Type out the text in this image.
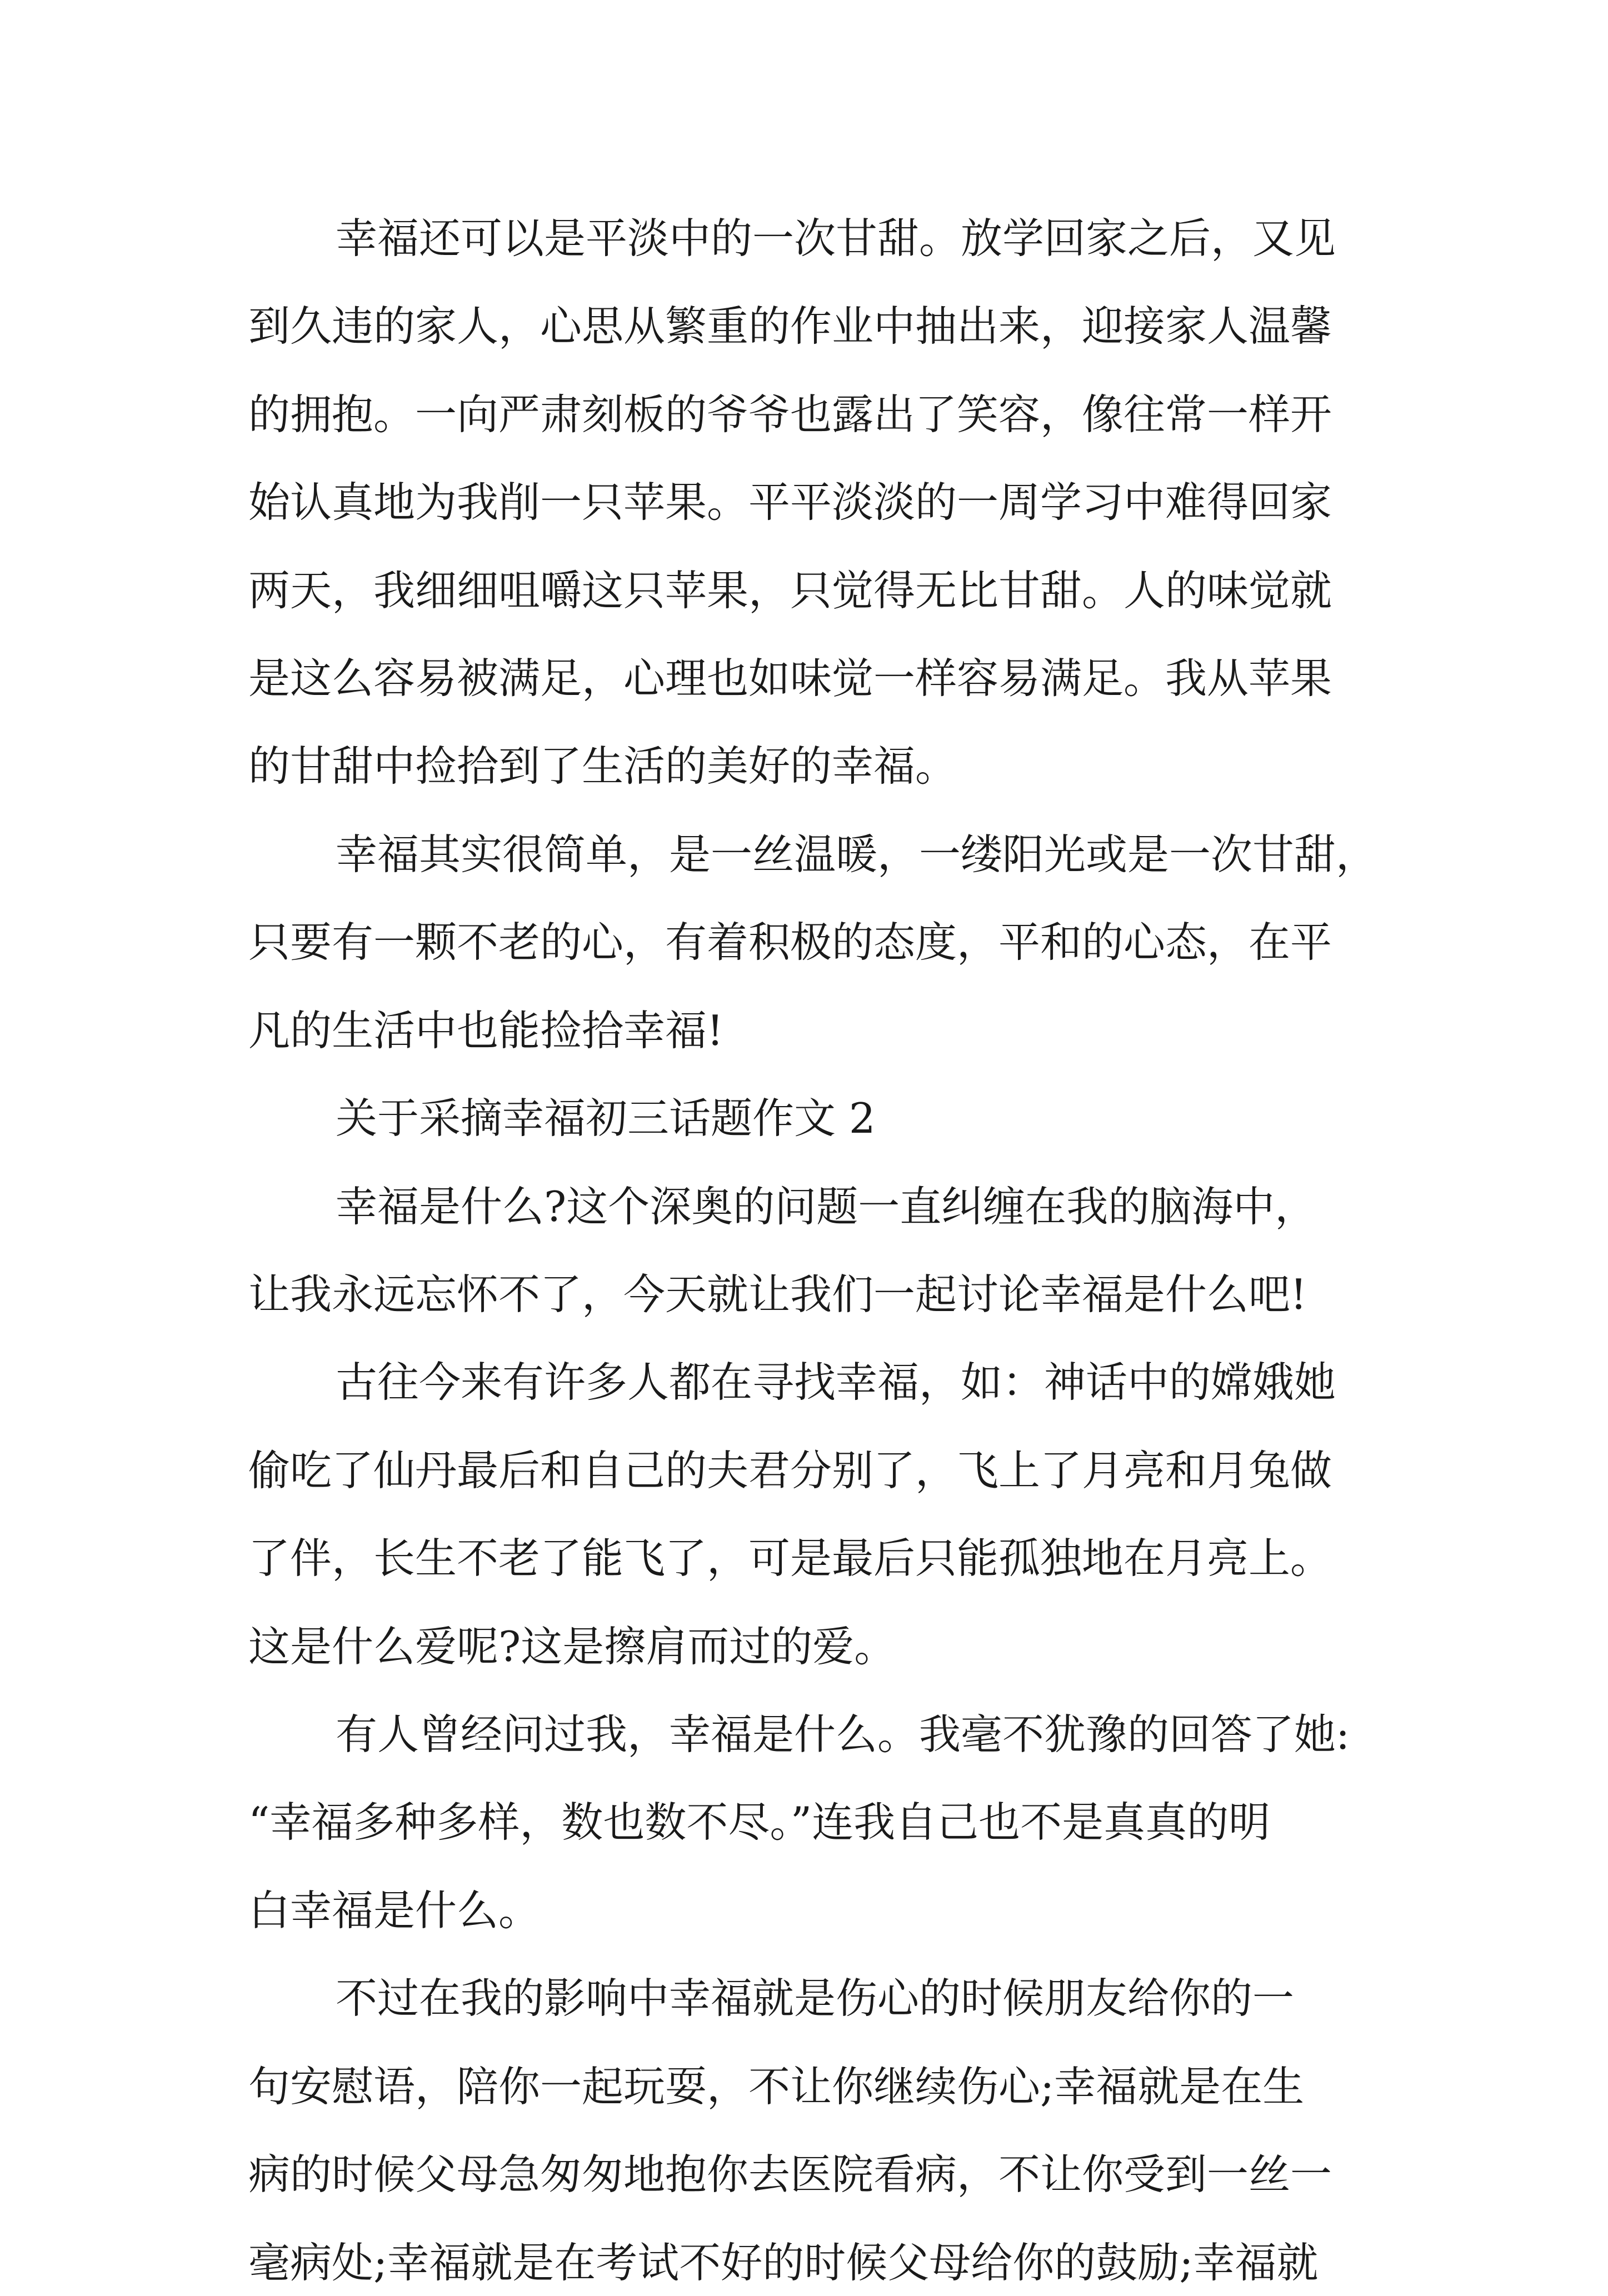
幸福还可以是平淡中的一次甘甜。放学回家之后，又见
到久违的家人，心思从繁重的作业中抽出来，迎接家人温馨
的拥抱。一向严肃刻板的爷爷也露出了笑容，像往常一样开
始认真地为我削一只苹果。平平淡淡的一周学习中难得回家
两天，我细细咀嚼这只苹果，只觉得无比甘甜。人的味觉就
是这么容易被满足，心理也如味觉一样容易满足。我从苹果
的甘甜中捡拾到了生活的美好的幸福。
幸福其实很简单，是一丝温暖，一缕阳光或是一次甘甜，
只要有一颗不老的心，有着积极的态度，平和的心态，在平
凡的生活中也能捡拾幸福!
关于采摘幸福初三话题作文 2
幸福是什么?这个深奥的问题一直纠缠在我的脑海中，
让我永远忘怀不了，今天就让我们一起讨论幸福是什么吧!
古往今来有许多人都在寻找幸福，如：神话中的嫦娥她
偷吃了仙丹最后和自己的夫君分别了，飞上了月亮和月兔做
了伴，长生不老了能飞了，可是最后只能孤独地在月亮上。
这是什么爱呢?这是擦肩而过的爱。
有人曾经问过我，幸福是什么。我毫不犹豫的回答了她:
“幸福多种多样，数也数不尽。”连我自己也不是真真的明
白幸福是什么。
不过在我的影响中幸福就是伤心的时候朋友给你的一
句安慰语，陪你一起玩耍，不让你继续伤心;幸福就是在生
病的时候父母急匆匆地抱你去医院看病，不让你受到一丝一
毫病处;幸福就是在考试不好的时候父母给你的鼓励;幸福就
